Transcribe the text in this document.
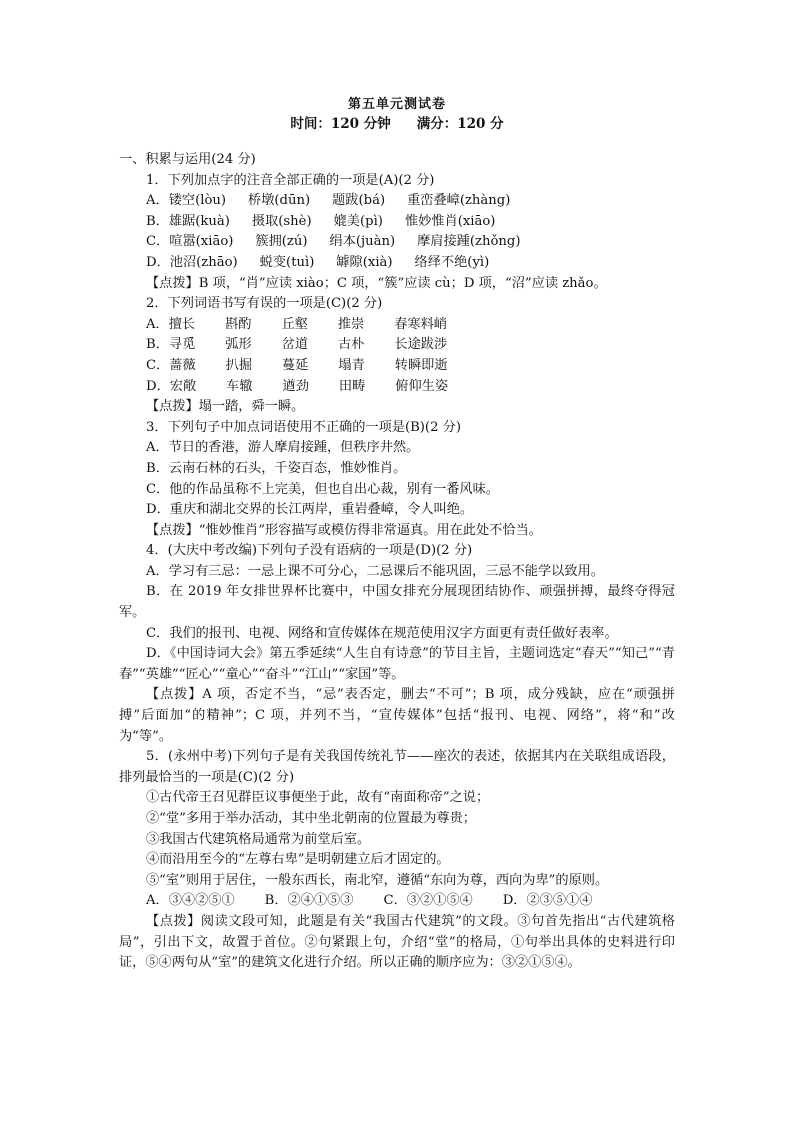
第五单元测试卷
时间：120 分钟 满分：120 分
一、积累与运用(24 分)
1．下列加点字的注音全部正确的一项是(A)(2 分)
A．镂空(lòu) 桥墩(dūn) 题跋(bá) 重峦叠嶂(zhàng)
B．雄踞(kuà) 摄取(shè) 媲美(pì) 惟妙惟肖(xiāo)
C．喧嚣(xiāo) 簇拥(zú) 绢本(juàn) 摩肩接踵(zhǒng)
D．池沼(zhāo) 蜕变(tuì) 罅隙(xià) 络绎不绝(yì)
【点拨】B 项，“肖”应读 xiào；C 项，“簇”应读 cù；D 项，“沼”应读 zhǎo。
2．下列词语书写有误的一项是(C)(2 分)
A．擅长 斟酌 丘壑 推崇 春寒料峭
B．寻觅 弧形 岔道 古朴 长途跋涉
C．蔷薇 扒掘 蔓延 塌青 转瞬即逝
D．宏敞 车辙 遒劲 田畴 俯仰生姿
【点拨】塌一踏，舜一瞬。
3．下列句子中加点词语使用不正确的一项是(B)(2 分)
A．节日的香港，游人摩肩接踵，但秩序井然。
B．云南石林的石头，千姿百态，惟妙惟肖。
C．他的作品虽称不上完美，但也自出心裁，别有一番风味。
D．重庆和湖北交界的长江两岸，重岩叠嶂，令人叫绝。
【点拨】“惟妙惟肖”形容描写或模仿得非常逼真。用在此处不恰当。
4．(大庆中考改编)下列句子没有语病的一项是(D)(2 分)
A．学习有三忌：一忌上课不可分心，二忌课后不能巩固，三忌不能学以致用。
B．在 2019 年女排世界杯比赛中，中国女排充分展现团结协作、顽强拼搏，最终夺得冠军。
C．我们的报刊、电视、网络和宣传媒体在规范使用汉字方面更有责任做好表率。
D．《中国诗词大会》第五季延续“人生自有诗意”的节目主旨，主题词选定“春天”“知己”“青春”“英雄”“匠心”“童心”“奋斗”“江山”“家国”等。
【点拨】A 项，否定不当，“忌”表否定，删去“不可”；B 项，成分残缺，应在“顽强拼搏”后面加“的精神”；C 项，并列不当，“宣传媒体”包括“报刊、电视、网络”，将“和”改为“等”。
5．(永州中考)下列句子是有关我国传统礼节——座次的表述，依据其内在关联组成语段，排列最恰当的一项是(C)(2 分)
①古代帝王召见群臣议事便坐于此，故有“南面称帝”之说；
②“堂”多用于举办活动，其中坐北朝南的位置最为尊贵；
③我国古代建筑格局通常为前堂后室。
④而沿用至今的“左尊右卑”是明朝建立后才固定的。
⑤“室”则用于居住，一般东西长，南北窄，遵循“东向为尊，西向为卑”的原则。
A．③④②⑤① B．②④①⑤③ C．③②①⑤④ D．②③⑤①④
【点拨】阅读文段可知，此题是有关“我国古代建筑”的文段。③句首先指出“古代建筑格局”，引出下文，故置于首位。②句紧跟上句，介绍“堂”的格局，①句举出具体的史料进行印证，⑤④两句从“室”的建筑文化进行介绍。所以正确的顺序应为：③②①⑤④。
